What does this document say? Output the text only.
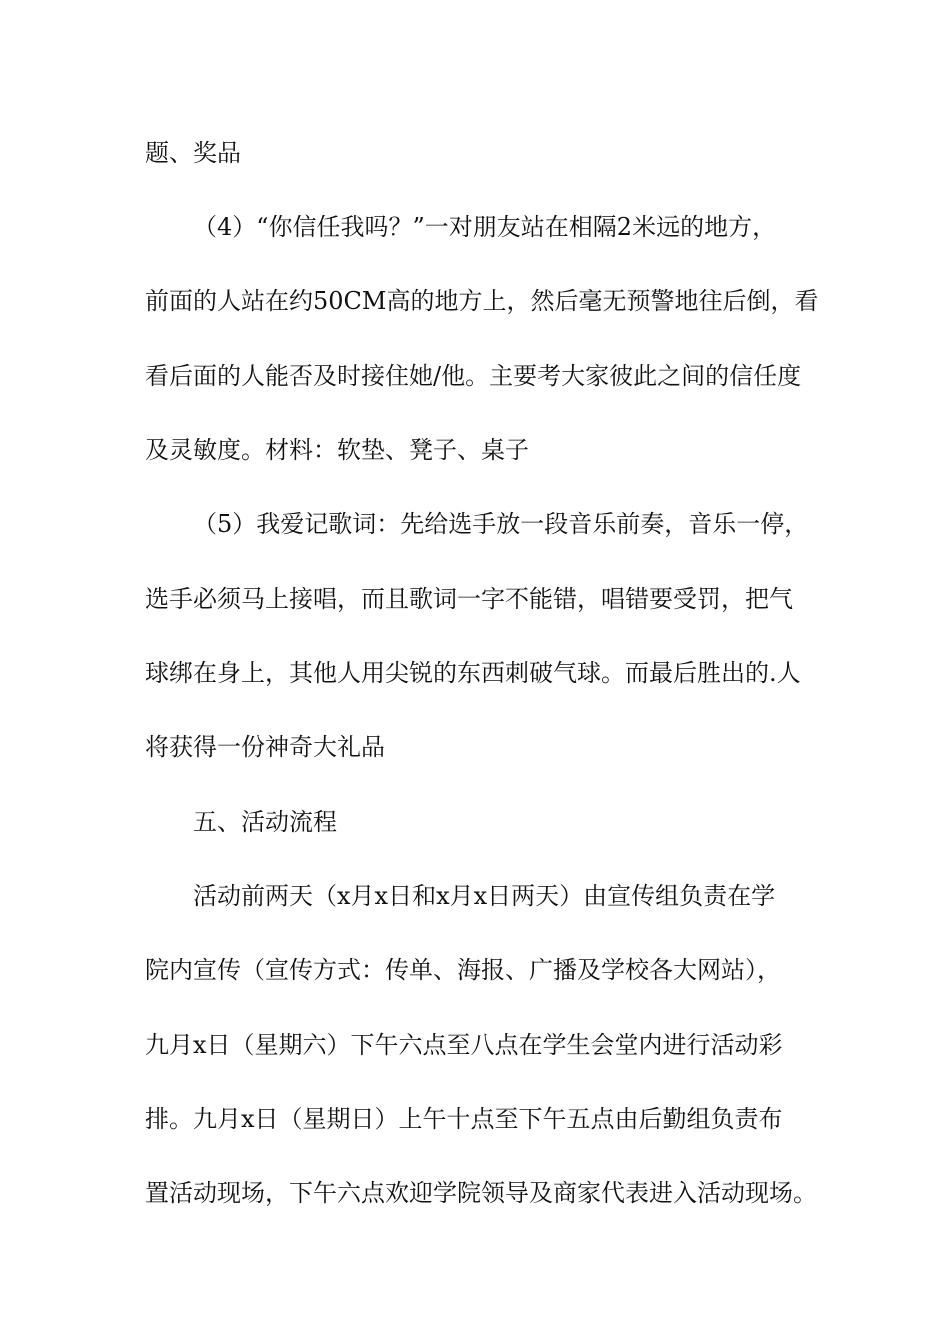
题、奖品
（4）“你信任我吗？”一对朋友站在相隔2米远的地方，
前面的人站在约50CM高的地方上，然后毫无预警地往后倒，看
看后面的人能否及时接住她/他。主要考大家彼此之间的信任度
及灵敏度。材料：软垫、凳子、桌子
（5）我爱记歌词：先给选手放一段音乐前奏，音乐一停，
选手必须马上接唱，而且歌词一字不能错，唱错要受罚，把气
球绑在身上，其他人用尖锐的东西刺破气球。而最后胜出的.人
将获得一份神奇大礼品
五、活动流程
活动前两天（x月x日和x月x日两天）由宣传组负责在学
院内宣传（宣传方式：传单、海报、广播及学校各大网站），
九月x日（星期六）下午六点至八点在学生会堂内进行活动彩
排。九月x日（星期日）上午十点至下午五点由后勤组负责布
置活动现场，下午六点欢迎学院领导及商家代表进入活动现场。
